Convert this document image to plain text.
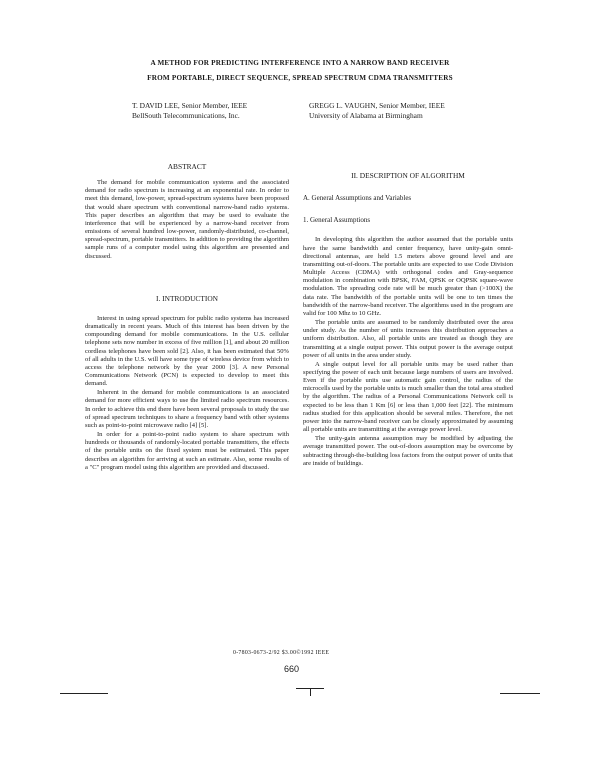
A METHOD FOR PREDICTING INTERFERENCE INTO A NARROW BAND RECEIVER
FROM PORTABLE, DIRECT SEQUENCE, SPREAD SPECTRUM CDMA TRANSMITTERS
T. DAVID LEE, Senior Member, IEEE
BellSouth Telecommunications, Inc.
GREGG L. VAUGHN, Senior Member, IEEE
University of Alabama at Birmingham
ABSTRACT

The demand for mobile communication systems and the associated demand for radio spectrum is increasing at an exponential rate. In order to meet this demand, low-power, spread-spectrum systems have been proposed that would share spectrum with conventional narrow-band radio systems. This paper describes an algorithm that may be used to evaluate the interference that will be experienced by a narrow-band receiver from emissions of several hundred low-power, randomly-distributed, co-channel, spread-spectrum, portable transmitters. In addition to providing the algorithm sample runs of a computer model using this algorithm are presented and discussed.

I. INTRODUCTION

Interest in using spread spectrum for public radio systems has increased dramatically in recent years. Much of this interest has been driven by the compounding demand for mobile communications. In the U.S. cellular telephone sets now number in excess of five million [1], and about 20 million cordless telephones have been sold [2]. Also, it has been estimated that 50% of all adults in the U.S. will have some type of wireless device from which to access the telephone network by the year 2000 [3]. A new Personal Communications Network (PCN) is expected to develop to meet this demand.

Inherent in the demand for mobile communications is an associated demand for more efficient ways to use the limited radio spectrum resources. In order to achieve this end there have been several proposals to study the use of spread spectrum techniques to share a frequency band with other systems such as point-to-point microwave radio [4] [5].

In order for a point-to-point radio system to share spectrum with hundreds or thousands of randomly-located portable transmitters, the effects of the portable units on the fixed system must be estimated. This paper describes an algorithm for arriving at such an estimate. Also, some results of a "C" program model using this algorithm are provided and discussed.

II. DESCRIPTION OF ALGORITHM
A. General Assumptions and Variables
1. General Assumptions

In developing this algorithm the author assumed that the portable units have the same bandwidth and center frequency, have unity-gain omni-directional antennas, are held 1.5 meters above ground level and are transmitting out-of-doors. The portable units are expected to use Code Division Multiple Access (CDMA) with orthogonal codes and Gray-sequence modulation in combination with BPSK, FAM, QPSK or OQPSK square-wave modulation. The spreading code rate will be much greater than (>100X) the data rate. The bandwidth of the portable units will be one to ten times the bandwidth of the narrow-band receiver. The algorithms used in the program are valid for 100 Mhz to 10 GHz.

The portable units are assumed to be randomly distributed over the area under study. As the number of units increases this distribution approaches a uniform distribution. Also, all portable units are treated as though they are transmitting at a single output power. This output power is the average output power of all units in the area under study.

A single output level for all portable units may be used rather than specifying the power of each unit because large numbers of users are involved. Even if the portable units use automatic gain control, the radius of the microcells used by the portable units is much smaller than the total area studied by the algorithm. The radius of a Personal Communications Network cell is expected to be less than 1 Km [6] or less than 1,000 feet [22]. The minimum radius studied for this application should be several miles. Therefore, the net power into the narrow-band receiver can be closely approximated by assuming all portable units are transmitting at the average power level.

The unity-gain antenna assumption may be modified by adjusting the average transmitted power. The out-of-doors assumption may be overcome by subtracting through-the-building loss factors from the output power of units that are inside of buildings.

0-7803-0673-2/92 $3.00©1992 IEEE
660
